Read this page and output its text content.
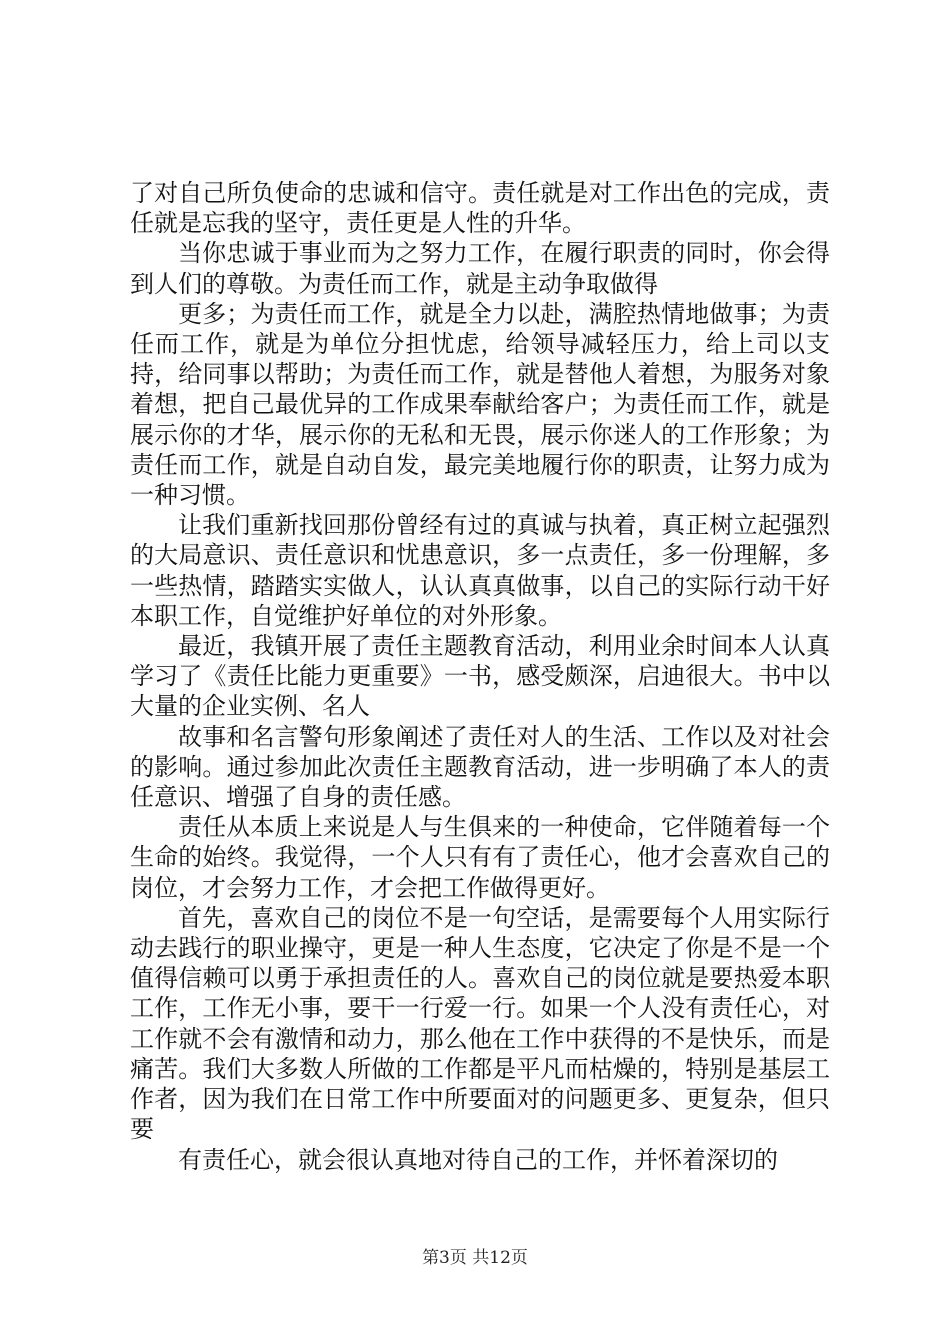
了对自己所负使命的忠诚和信守。责任就是对工作出色的完成，责任就是忘我的坚守，责任更是人性的升华。

当你忠诚于事业而为之努力工作，在履行职责的同时，你会得到人们的尊敬。为责任而工作，就是主动争取做得

更多；为责任而工作，就是全力以赴，满腔热情地做事；为责任而工作，就是为单位分担忧虑，给领导减轻压力，给上司以支持，给同事以帮助；为责任而工作，就是替他人着想，为服务对象着想，把自己最优异的工作成果奉献给客户；为责任而工作，就是展示你的才华，展示你的无私和无畏，展示你迷人的工作形象；为责任而工作，就是自动自发，最完美地履行你的职责，让努力成为一种习惯。

让我们重新找回那份曾经有过的真诚与执着，真正树立起强烈的大局意识、责任意识和忧患意识，多一点责任，多一份理解，多一些热情，踏踏实实做人，认认真真做事，以自己的实际行动干好本职工作，自觉维护好单位的对外形象。

最近，我镇开展了责任主题教育活动，利用业余时间本人认真学习了《责任比能力更重要》一书，感受颇深，启迪很大。书中以大量的企业实例、名人

故事和名言警句形象阐述了责任对人的生活、工作以及对社会的影响。通过参加此次责任主题教育活动，进一步明确了本人的责任意识、增强了自身的责任感。

责任从本质上来说是人与生俱来的一种使命，它伴随着每一个生命的始终。我觉得，一个人只有有了责任心，他才会喜欢自己的岗位，才会努力工作，才会把工作做得更好。

首先，喜欢自己的岗位不是一句空话，是需要每个人用实际行动去践行的职业操守，更是一种人生态度，它决定了你是不是一个值得信赖可以勇于承担责任的人。喜欢自己的岗位就是要热爱本职工作，工作无小事，要干一行爱一行。如果一个人没有责任心，对工作就不会有激情和动力，那么他在工作中获得的不是快乐，而是痛苦。我们大多数人所做的工作都是平凡而枯燥的，特别是基层工作者，因为我们在日常工作中所要面对的问题更多、更复杂，但只要

有责任心，就会很认真地对待自己的工作，并怀着深切的

第3页 共12页
